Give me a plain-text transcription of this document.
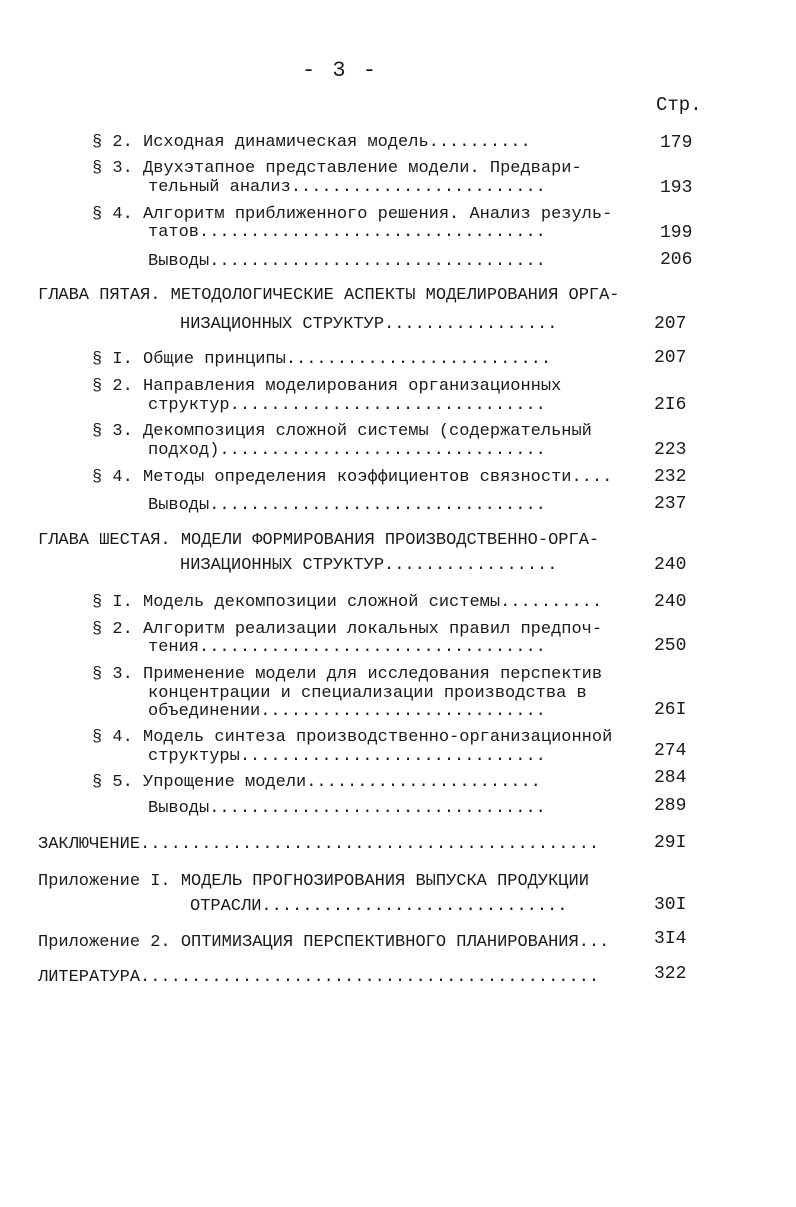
- 3 -
Стр.
§ 2. Исходная динамическая модель..........	179
§ 3. Двухэтапное представление модели. Предвари-
тельный анализ.........................	193
§ 4. Алгоритм приближенного решения. Анализ резуль-
татов..................................	199
Выводы.................................	206
ГЛАВА ПЯТАЯ. МЕТОДОЛОГИЧЕСКИЕ АСПЕКТЫ МОДЕЛИРОВАНИЯ ОРГА-
НИЗАЦИОННЫХ СТРУКТУР.................	207
§ I. Общие принципы..........................	207
§ 2. Направления моделирования организационных
структур...............................	2I6
§ 3. Декомпозиция сложной системы (содержательный
подход)................................	223
§ 4. Методы определения коэффициентов связности.... 232
Выводы.................................	237
ГЛАВА ШЕСТАЯ. МОДЕЛИ ФОРМИРОВАНИЯ ПРОИЗВОДСТВЕННО-ОРГА-
НИЗАЦИОННЫХ СТРУКТУР.................	240
§ I. Модель декомпозиции сложной системы..........	240
§ 2. Алгоритм реализации локальных правил предпоч-
тения..................................	250
§ 3. Применение модели для исследования перспектив
концентрации и специализации производства в
объединении............................	26I
§ 4. Модель синтеза производственно-организационной
структуры..............................	274
§ 5. Упрощение модели.......................	284
Выводы.................................	289
ЗАКЛЮЧЕНИЕ.............................................	29I
Приложение I. МОДЕЛЬ ПРОГНОЗИРОВАНИЯ ВЫПУСКА ПРОДУКЦИИ
ОТРАСЛИ..............................	30I
Приложение 2. ОПТИМИЗАЦИЯ ПЕРСПЕКТИВНОГО ПЛАНИРОВАНИЯ... 3I4
ЛИТЕРАТУРА.............................................	322
